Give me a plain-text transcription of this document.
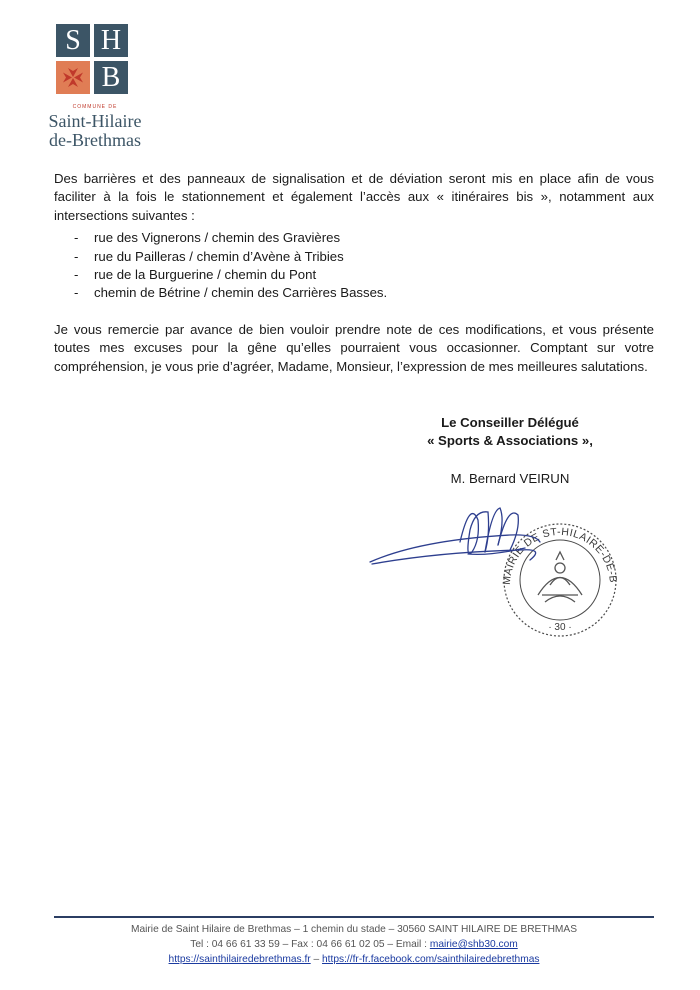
S H
B
COMMUNE DE
Saint-Hilaire
de-Brethmas

Des barrières et des panneaux de signalisation et de déviation seront mis en place afin de vous faciliter à la fois le stationnement et également l’accès aux « itinéraires bis », notamment aux intersections suivantes :

- rue des Vignerons / chemin des Gravières
- rue du Pailleras / chemin d’Avène à Tribies
- rue de la Burguerine / chemin du Pont
- chemin de Bétrine / chemin des Carrières Basses.

Je vous remercie par avance de bien vouloir prendre note de ces modifications, et vous présente toutes mes excuses pour la gêne qu’elles pourraient vous occasionner. Comptant sur votre compréhension, je vous prie d’agréer, Madame, Monsieur, l’expression de mes meilleures salutations.

Le Conseiller Délégué
« Sports & Associations »,
M. Bernard VEIRUN
MAIRIE DE ST-HILAIRE-DE-B
· 30 ·
Mairie de Saint Hilaire de Brethmas – 1 chemin du stade – 30560 SAINT HILAIRE DE BRETHMAS
Tel : 04 66 61 33 59 – Fax : 04 66 61 02 05 – Email : mairie@shb30.com
https://sainthilairedebrethmas.fr – https://fr-fr.facebook.com/sainthilairedebrethmas
